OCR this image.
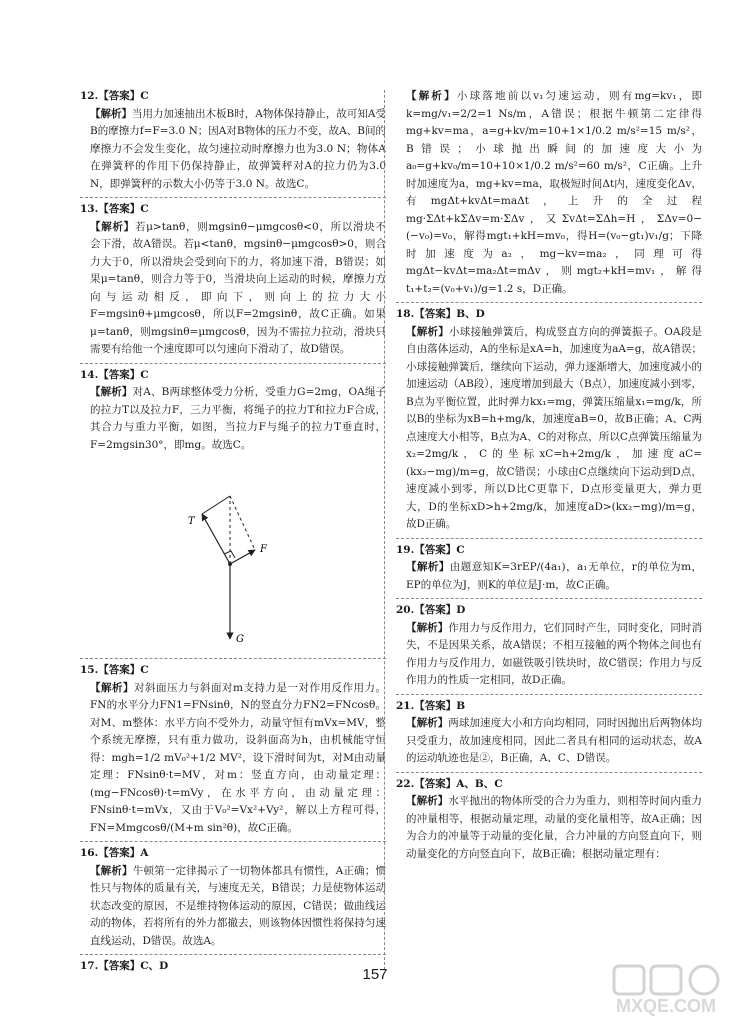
12.【答案】C
【解析】当用力加速抽出木板B时，A物体保持静止，故可知A受B的摩擦力f=F=3.0 N；因A对B物体的压力不变，故A、B间的摩擦力不会发生变化，故匀速拉动时摩擦力也为3.0 N；物体A在弹簧秤的作用下仍保持静止，故弹簧秤对A的拉力仍为3.0 N，即弹簧秤的示数大小仍等于3.0 N。故选C。
13.【答案】C
【解析】若μ>tanθ，则mgsinθ−μmgcosθ<0，所以滑块不会下滑，故A错误。若μ<tanθ，mgsinθ−μmgcosθ>0，则合力大于0，所以滑块会受到向下的力，将加速下滑，B错误；如果μ=tanθ，则合力等于0，当滑块向上运动的时候，摩擦力方向与运动相反，即向下，则向上的拉力大小F=mgsinθ+μmgcosθ，所以F=2mgsinθ，故C正确。如果μ=tanθ，则mgsinθ=μmgcosθ，因为不需拉力拉动，滑块只需要有给他一个速度即可以匀速向下滑动了，故D错误。
14.【答案】C
【解析】对A、B两球整体受力分析，受重力G=2mg，OA绳子的拉力T以及拉力F，三力平衡，将绳子的拉力T和拉力F合成，其合力与重力平衡，如图，当拉力F与绳子的拉力T垂直时，F=2mgsin30°，即mg。故选C。
T
F
G
15.【答案】C
【解析】对斜面压力与斜面对m支持力是一对作用反作用力。FN的水平分力FN1=FNsinθ，N的竖直分力FN2=FNcosθ。对M、m整体：水平方向不受外力，动量守恒有mVx=MV，整个系统无摩擦，只有重力做功，设斜面高为h，由机械能守恒得：mgh=1/2 mV₀²+1/2 MV²，设下滑时间为t，对M由动量定理：FNsinθ·t=MV，对m：竖直方向，由动量定理：(mg−FNcosθ)·t=mVy，在水平方向，由动量定理：FNsinθ·t=mVx，又由于V₀²=Vx²+Vy²，解以上方程可得，FN=Mmgcosθ/(M+m sin²θ)，故C正确。
16.【答案】A
【解析】牛顿第一定律揭示了一切物体都具有惯性，A正确；惯性只与物体的质量有关，与速度无关，B错误；力是使物体运动状态改变的原因，不是维持物体运动的原因，C错误；做曲线运动的物体，若将所有的外力都撤去，则该物体因惯性将保持匀速直线运动，D错误。故选A。
17.【答案】C、D
【解析】小球落地前以v₁匀速运动，则有mg=kv₁，即k=mg/v₁=2/2=1 Ns/m，A错误；根据牛顿第二定律得mg+kv=ma，a=g+kv/m=10+1×1/0.2 m/s²=15 m/s²，B错误；小球抛出瞬间的加速度大小为a₀=g+kv₀/m=10+10×1/0.2 m/s²=60 m/s²，C正确。上升时加速度为a，mg+kv=ma，取极短时间Δt内，速度变化Δv，有mgΔt+kvΔt=maΔt，上升的全过程mg·ΣΔt+kΣΔv=m·ΣΔv，又ΣvΔt=ΣΔh=H，ΣΔv=0−(−v₀)=v₀，解得mgt₁+kH=mv₀，得H=(v₀−gt₁)v₁/g；下降时加速度为a₂，mg−kv=ma₂，同理可得mgΔt−kvΔt=ma₂Δt=mΔv，则mgt₂+kH=mv₁，解得t₁+t₂=(v₀+v₁)/g=1.2 s，D正确。
18.【答案】B、D
【解析】小球接触弹簧后，构成竖直方向的弹簧振子。OA段是自由落体运动，A的坐标是xA=h，加速度为aA=g，故A错误；小球接触弹簧后，继续向下运动，弹力逐渐增大，加速度减小的加速运动（AB段），速度增加到最大（B点），加速度减小到零，B点为平衡位置，此时弹力kx₁=mg，弹簧压缩量x₁=mg/k，所以B的坐标为xB=h+mg/k，加速度aB=0，故B正确；A、C两点速度大小相等，B点为A、C的对称点，所以C点弹簧压缩量为x₂=2mg/k，C的坐标xC=h+2mg/k，加速度aC=(kx₂−mg)/m=g，故C错误；小球由C点继续向下运动到D点，速度减小到零，所以D比C更靠下，D点形变量更大，弹力更大，D的坐标xD>h+2mg/k，加速度aD>(kx₂−mg)/m=g，故D正确。
19.【答案】C
【解析】由题意知K=3rEP/(4a₁)，a₁无单位，r的单位为m，EP的单位为J，则K的单位是J·m，故C正确。
20.【答案】D
【解析】作用力与反作用力，它们同时产生，同时变化，同时消失，不是因果关系，故A错误；不相互接触的两个物体之间也有作用力与反作用力，如磁铁吸引铁块时，故C错误；作用力与反作用力的性质一定相同，故D正确。
21.【答案】B
【解析】两球加速度大小和方向均相同，同时因抛出后两物体均只受重力，故加速度相同，因此二者具有相同的运动状态，故A的运动轨迹也是②，B正确，A、C、D错误。
22.【答案】A、B、C
【解析】水平抛出的物体所受的合力为重力，则相等时间内重力的冲量相等，根据动量定理，动量的变化量相等，故A正确；因为合力的冲量等于动量的变化量，合力冲量的方向竖直向下，则动量变化的方向竖直向下，故B正确；根据动量定理有：
157
MXQE.COM
